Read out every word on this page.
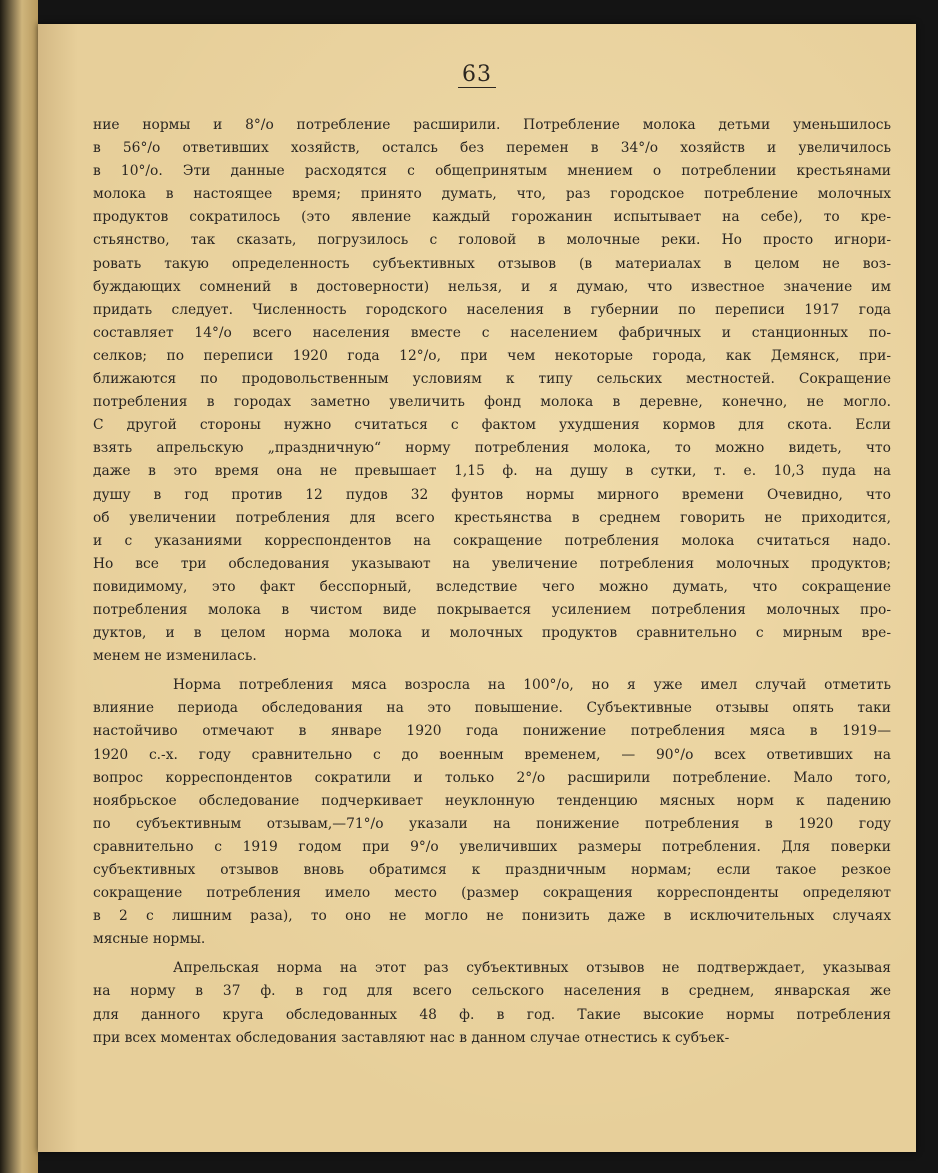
63
ние нормы и 8°/о потребление расширили. Потребление молока детьми уменьшилось
в 56°/о ответивших хозяйств, осталсь без перемен в 34°/о хозяйств и увеличилось
в 10°/о. Эти данные расходятся с общепринятым мнением о потреблении крестьянами
молока в настоящее время; принято думать, что, раз городское потребление молочных
продуктов сократилось (это явление каждый горожанин испытывает на себе), то кре-
стьянство, так сказать, погрузилось с головой в молочные реки. Но просто игнори-
ровать такую определенность субъективных отзывов (в материалах в целом не воз-
буждающих сомнений в достоверности) нельзя, и я думаю, что известное значение им
придать следует. Численность городского населения в губернии по переписи 1917 года
составляет 14°/о всего населения вместе с населением фабричных и станционных по-
селков; по переписи 1920 года 12°/о, при чем некоторые города, как Демянск, при-
ближаются по продовольственным условиям к типу сельских местностей. Сокращение
потребления в городах заметно увеличить фонд молока в деревне, конечно, не могло.
С другой стороны нужно считаться с фактом ухудшения кормов для скота. Если
взять апрельскую „праздничную“ норму потребления молока, то можно видеть, что
даже в это время она не превышает 1,15 ф. на душу в сутки, т. е. 10,3 пуда на
душу в год против 12 пудов 32 фунтов нормы мирного времени Очевидно, что
об увеличении потребления для всего крестьянства в среднем говорить не приходится,
и с указаниями корреспондентов на сокращение потребления молока считаться надо.
Но все три обследования указывают на увеличение потребления молочных продуктов;
повидимому, это факт бесспорный, вследствие чего можно думать, что сокращение
потребления молока в чистом виде покрывается усилением потребления молочных про-
дуктов, и в целом норма молока и молочных продуктов сравнительно с мирным вре-
менем не изменилась.
Норма потребления мяса возросла на 100°/о, но я уже имел случай отметить
влияние периода обследования на это повышение. Субъективные отзывы опять таки
настойчиво отмечают в январе 1920 года понижение потребления мяса в 1919—
1920 с.-х. году сравнительно с до военным временем, — 90°/о всех ответивших на
вопрос корреспондентов сократили и только 2°/о расширили потребление. Мало того,
ноябрьское обследование подчеркивает неуклонную тенденцию мясных норм к падению
по субъективным отзывам,—71°/о указали на понижение потребления в 1920 году
сравнительно с 1919 годом при 9°/о увеличивших размеры потребления. Для поверки
субъективных отзывов вновь обратимся к праздничным нормам; если такое резкое
сокращение потребления имело место (размер сокращения корреспонденты определяют
в 2 с лишним раза), то оно не могло не понизить даже в исключительных случаях
мясные нормы.
Апрельская норма на этот раз субъективных отзывов не подтверждает, указывая
на норму в 37 ф. в год для всего сельского населения в среднем, январская же
для данного круга обследованных 48 ф. в год. Такие высокие нормы потребления
при всех моментах обследования заставляют нас в данном случае отнестись к субъек-
